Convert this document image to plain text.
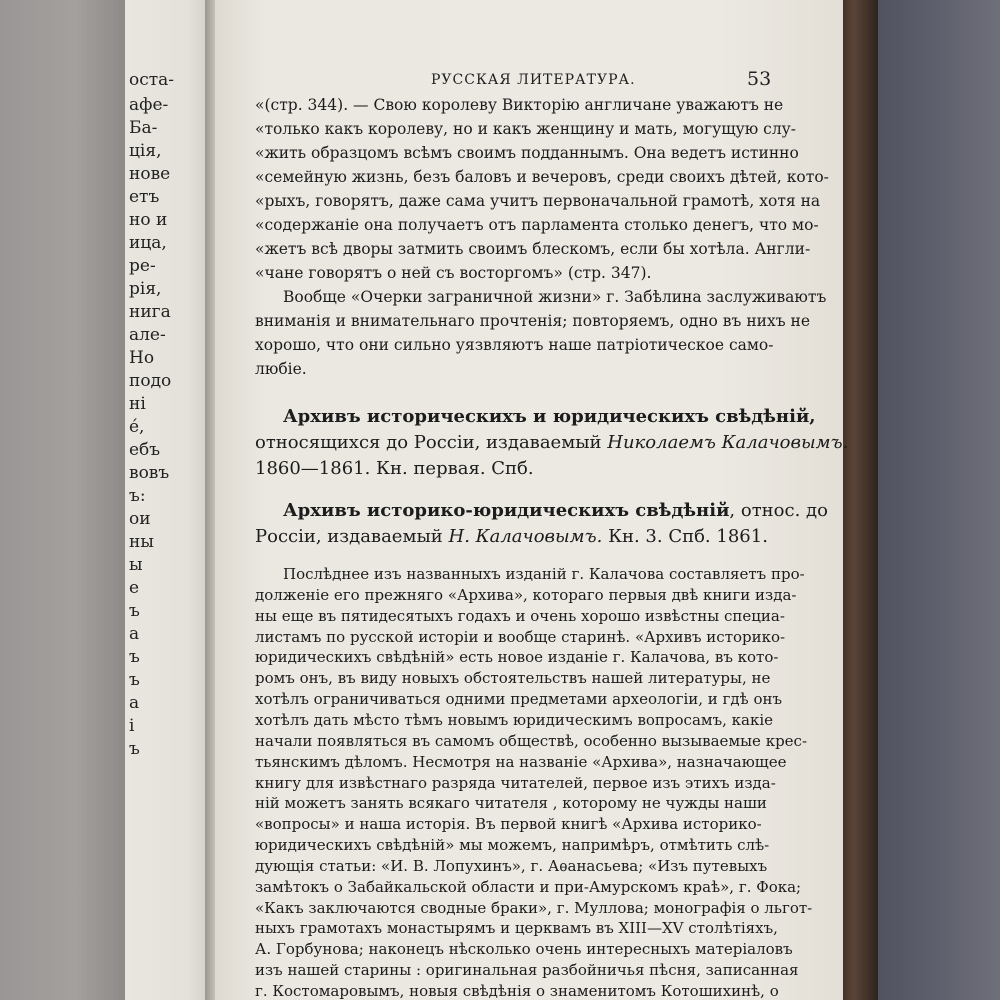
оста-
афе-
Ба-
ція,
нове
етъ
но и
ица,
ре-
рія,
нига
але-
Но
подо
ні
е́,
ебъ
вовъ
ъ:
ои
ны
ы
е
ъ
а
ъ
ъ
а
і
ъ
РУССКАЯ ЛИТЕРАТУРА.	53
«(стр. 344). — Свою королеву Викторію англичане уважаютъ не
«только какъ королеву, но и какъ женщину и мать, могущую слу-
«жить образцомъ всѣмъ своимъ подданнымъ. Она ведетъ истинно
«семейную жизнь, безъ баловъ и вечеровъ, среди своихъ дѣтей, кото-
«рыхъ, говорятъ, даже сама учитъ первоначальной грамотѣ, хотя на
«содержаніе она получаетъ отъ парламента столько денегъ, что мо-
«жетъ всѣ дворы затмить своимъ блескомъ, если бы хотѣла. Англи-
«чане говорятъ о ней съ восторгомъ» (стр. 347).
Вообще «Очерки заграничной жизни» г. Забѣлина заслуживаютъ
вниманія и внимательнаго прочтенія; повторяемъ, одно въ нихъ не
хорошо, что они сильно уязвляютъ наше патріотическое само-
любіе.
Архивъ историческихъ и юридическихъ свѣдѣній,
относящихся до Россіи, издаваемый Николаемъ Калачовымъ.
1860—1861. Кн. первая. Спб.
Архивъ историко-юридическихъ свѣдѣній, относ. до
Россіи, издаваемый Н. Калачовымъ. Кн. 3. Спб. 1861.
Послѣднее изъ названныхъ изданій г. Калачова составляетъ про-
долженіе его прежняго «Архива», котораго первыя двѣ книги изда-
ны еще въ пятидесятыхъ годахъ и очень хорошо извѣстны специа-
листамъ по русской исторіи и вообще старинѣ. «Архивъ историко-
юридическихъ свѣдѣній» есть новое изданіе г. Калачова, въ кото-
ромъ онъ, въ виду новыхъ обстоятельствъ нашей литературы, не
хотѣлъ ограничиваться одними предметами археологіи, и гдѣ онъ
хотѣлъ дать мѣсто тѣмъ новымъ юридическимъ вопросамъ, какіе
начали появляться въ самомъ обществѣ, особенно вызываемые крес-
тьянскимъ дѣломъ. Несмотря на названіе «Архива», назначающее
книгу для извѣстнаго разряда читателей, первое изъ этихъ изда-
ній можетъ занять всякаго читателя , которому не чужды наши
«вопросы» и наша исторія. Въ первой книгѣ «Архива историко-
юридическихъ свѣдѣній» мы можемъ, напримѣръ, отмѣтить слѣ-
дующія статьи: «И. В. Лопухинъ», г. Аѳанасьева; «Изъ путевыхъ
замѣтокъ о Забайкальской области и при-Амурскомъ краѣ», г. Фока;
«Какъ заключаются сводные браки», г. Муллова; монографія о льгот-
ныхъ грамотахъ монастырямъ и церквамъ въ XIII—XV столѣтіяхъ,
А. Горбунова; наконецъ нѣсколько очень интересныхъ матеріаловъ
изъ нашей старины : оригинальная разбойничья пѣсня, записанная
г. Костомаровымъ, новыя свѣдѣнія о знаменитомъ Котошихинѣ, о
